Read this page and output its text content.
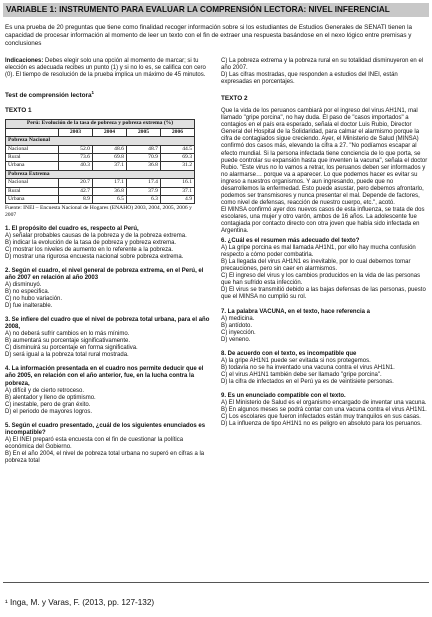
VARIABLE 1: INSTRUMENTO PARA EVALUAR LA COMPRENSIÓN LECTORA: NIVEL INFERENCIAL

Es una prueba de 20 preguntas que tiene como finalidad recoger información sobre si los estudiantes de Estudios Generales de SENATI tienen la capacidad de procesar información al momento de leer un texto con el fin de extraer una respuesta basándose en el nexo lógico entre premisas y conclusiones

Indicaciones: Debes elegir solo una opción al momento de marcar; si tu elección es adecuada recibes un punto (1) y si no lo es, se califica con cero (0). El tiempo de resolución de la prueba implica un máximo de 45 minutos.

Test de comprensión lectora$^1$

TEXTO 1

Perú: Evolución de la tasa de pobreza y pobreza extrema (%)				
	2003	2004	2005	2006
Pobreza Nacional				
Nacional	52.0	48.6	48.7	44.5
Rural	73.6	69.8	70.9	69.3
Urbana	40.3	37.1	36.8	31.2
Pobreza Extrema				
Nacional	20.7	17.1	17.4	16.1
Rural	42.7	36.8	37.9	37.1
Urbana	8.9	6.5	6.3	4.9

Fuente: INEI – Encuesta Nacional de Hogares (ENAHO) 2003, 2004, 2005, 2006 y 2007

1. El propósito del cuadro es, respecto al Perú,

A) señalar probables causas de la pobreza y de la pobreza extrema.

B) indicar la evolución de la tasa de pobreza y pobreza extrema.

C) mostrar los niveles de aumento en lo referente a la pobreza.

D) mostrar una rigurosa encuesta nacional sobre pobreza extrema.

2. Según el cuadro, el nivel general de pobreza extrema, en el Perú, el año 2007 en relación al año 2003

A) disminuyó.

B) no especifica.

C) no hubo variación.

D) fue inalterable.

3. Se infiere del cuadro que el nivel de pobreza total urbana, para el año 2008,

A) no deberá sufrir cambios en lo más mínimo.

B) aumentará su porcentaje significativamente.

C) disminuirá su porcentaje en forma significativa.

D) será igual a la pobreza total rural mostrada.

4. La información presentada en el cuadro nos permite deducir que el año 2005, en relación con el año anterior, fue, en la lucha contra la pobreza,

A) difícil y de cierto retroceso.

B) alentador y lleno de optimismo.

C) inestable, pero de gran éxito.

D) el periodo de mayores logros.

5. Según el cuadro presentado, ¿cuál de los siguientes enunciados es incompatible?

A) El INEI preparó esta encuesta con el fin de cuestionar la política económica del Gobierno.

B) En el año 2004, el nivel de pobreza total urbana no superó en cifras a la pobreza total

C) La pobreza extrema y la pobreza rural en su totalidad disminuyeron en el año 2007.

D) Las cifras mostradas, que responden a estudios del INEI, están expresadas en porcentajes.

TEXTO 2

Que la vida de los peruanos cambiará por el ingreso del virus AH1N1, mal llamado "gripe porcina", no hay duda. El paso de "casos importados" a contagios en el país era esperado, señala el doctor Luis Rubio, Director General del Hospital de la Solidaridad, para calmar el alarmismo porque la cifra de contagiados sigue creciendo. Ayer, el Ministerio de Salud (MINSA) confirmó dos casos más, elevando la cifra a 27. "No podíamos escapar al efecto mundial. Si la persona infectada tiene conciencia de lo que porta, se puede controlar su expansión hasta que inventen la vacuna", señala el doctor Rubio. "Este virus no lo vamos a retrar, los peruanos deben ser informados y no alarmarse… porque va a aparecer. Lo que podemos hacer es evitar su ingreso a nuestros organismos. Y aun ingresando, puede que no desarrollemos la enfermedad. Esto puede asustar, pero debemos afrontarlo, podemos ser transmisores y nunca presentar el mal. Depende de factores, como nivel de defensas, reacción de nuestro cuerpo, etc.", acotó.
El MINSA confirmó ayer dos nuevos casos de esta influenza, se trata de dos escolares, una mujer y otro varón, ambos de 16 años. La adolescente fue contagiada por contacto directo con otra joven que había sido infectada en Argentina.

6. ¿Cuál es el resumen más adecuado del texto?

A) La gripe porcina es mal llamada AH1N1, por ello hay mucha confusión respecto a cómo poder combatirla.

B) La llegada del virus AH1N1 es inevitable, por lo cual debemos tomar precauciones, pero sin caer en alarmismos.

C) El ingreso del virus y los cambios producidos en la vida de las personas que han sufrido esta infección.

D) El virus se transmitió debido a las bajas defensas de las personas, puesto que el MINSA no cumplió su rol.

7. La palabra VACUNA, en el texto, hace referencia a

A) medicina.

B) antídoto.

C) inyección.

D) veneno.

8. De acuerdo con el texto, es incompatible que

A) la gripe AH1N1 puede ser evitada si nos protegemos.

B) todavía no se ha inventado una vacuna contra el virus AH1N1.

C) el virus AH1N1 también debe ser llamado "gripe porcina".

D) la cifra de infectados en el Perú ya es de veintisiete personas.

9. Es un enunciado compatible con el texto.

A) El Ministerio de Salud es el organismo encargado de inventar una vacuna.

B) En algunos meses se podrá contar con una vacuna contra el virus AH1N1.

C) Los escolares que fueron infectados están muy tranquilos en sus casas.

D) La influenza de tipo AH1N1 no es peligro en absoluto para los peruanos.

¹ Inga, M. y Varas, F. (2013, pp. 127-132)
